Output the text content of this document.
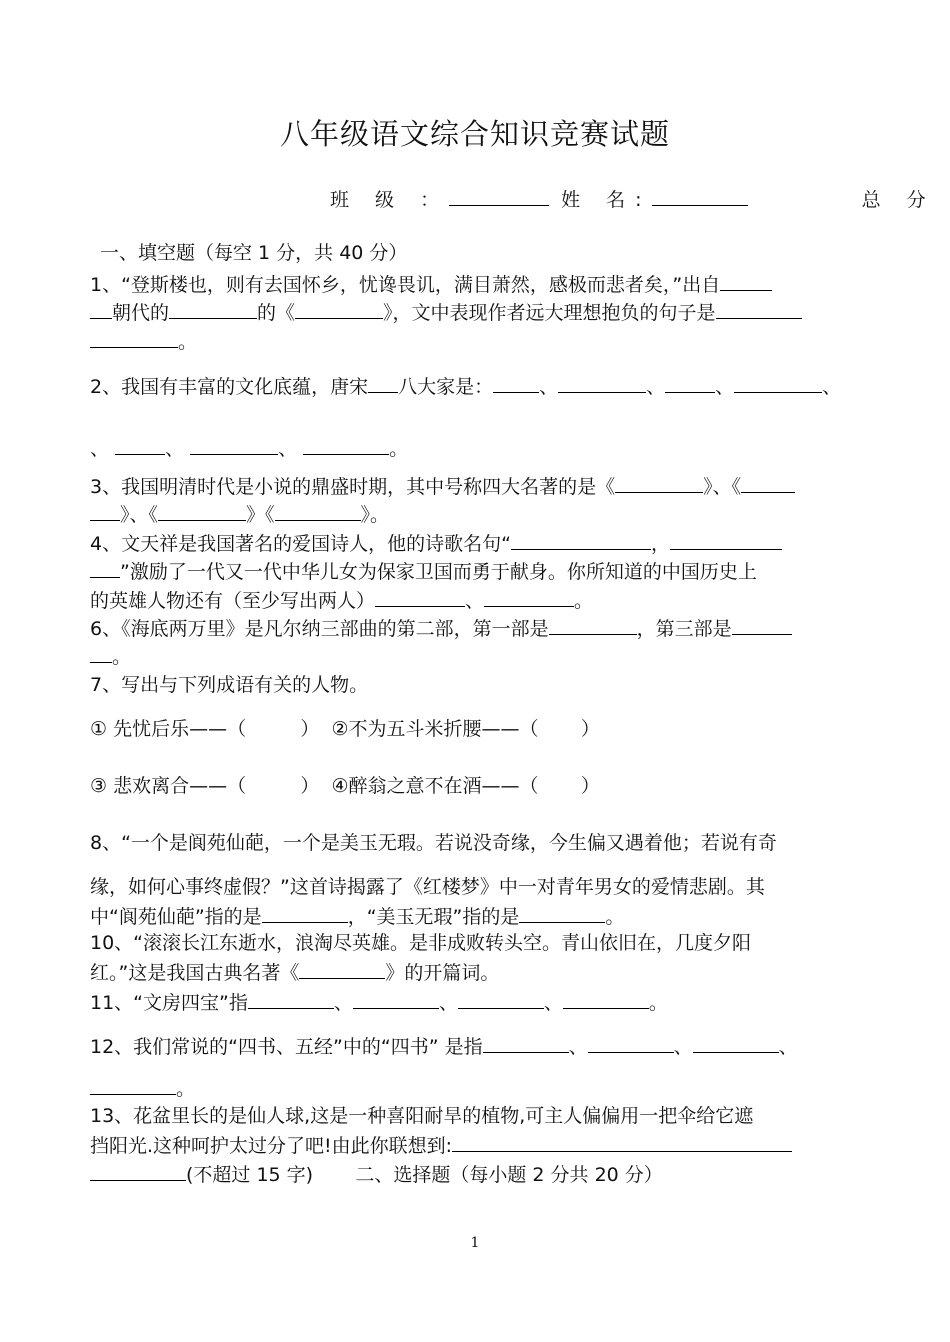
八年级语文综合知识竞赛试题
班 级 ：	姓 名:	总 分
一、填空题（每空 1 分，共 40 分）
1、“登斯楼也，则有去国怀乡，忧谗畏讥，满目萧然，感极而悲者矣，”出自
朝代的	的《	》，文中表现作者远大理想抱负的句子是
。
2、我国有丰富的文化底蕴，唐宋 八大家是： 、	、	、	、
、	、	、	。
3、我国明清时代是小说的鼎盛时期，其中号称四大名著的是《	》、《
》、《	》《	》。
4、文天祥是我国著名的爱国诗人，他的诗歌名句“	，
”激励了一代又一代中华儿女为保家卫国而勇于献身。你所知道的中国历史上
的英雄人物还有（至少写出两人）	、	。
6、《海底两万里》是凡尔纳三部曲的第二部，第一部是	，第三部是
。
7、写出与下列成语有关的人物。
① 先忧后乐——（         ）  ②不为五斗米折腰——（       ）
③ 悲欢离合——（         ）  ④醉翁之意不在酒——（       ）
8、“一个是阆苑仙葩，一个是美玉无瑕。若说没奇缘，今生偏又遇着他；若说有奇
缘，如何心事终虚假？”这首诗揭露了《红楼梦》中一对青年男女的爱情悲剧。其
中“阆苑仙葩”指的是	，“美玉无瑕”指的是	。
10、“滚滚长江东逝水，浪淘尽英雄。是非成败转头空。青山依旧在，几度夕阳
红。”这是我国古典名著《	》的开篇词。
11、“文房四宝”指	、	、	、	。
12、我们常说的“四书、五经”中的“四书” 是指	、	、	、
。
13、花盆里长的是仙人球,这是一种喜阳耐旱的植物,可主人偏偏用一把伞给它遮
挡阳光.这种呵护太过分了吧!由此你联想到:
(不超过 15 字) 二、选择题（每小题 2 分共 20 分）
1
